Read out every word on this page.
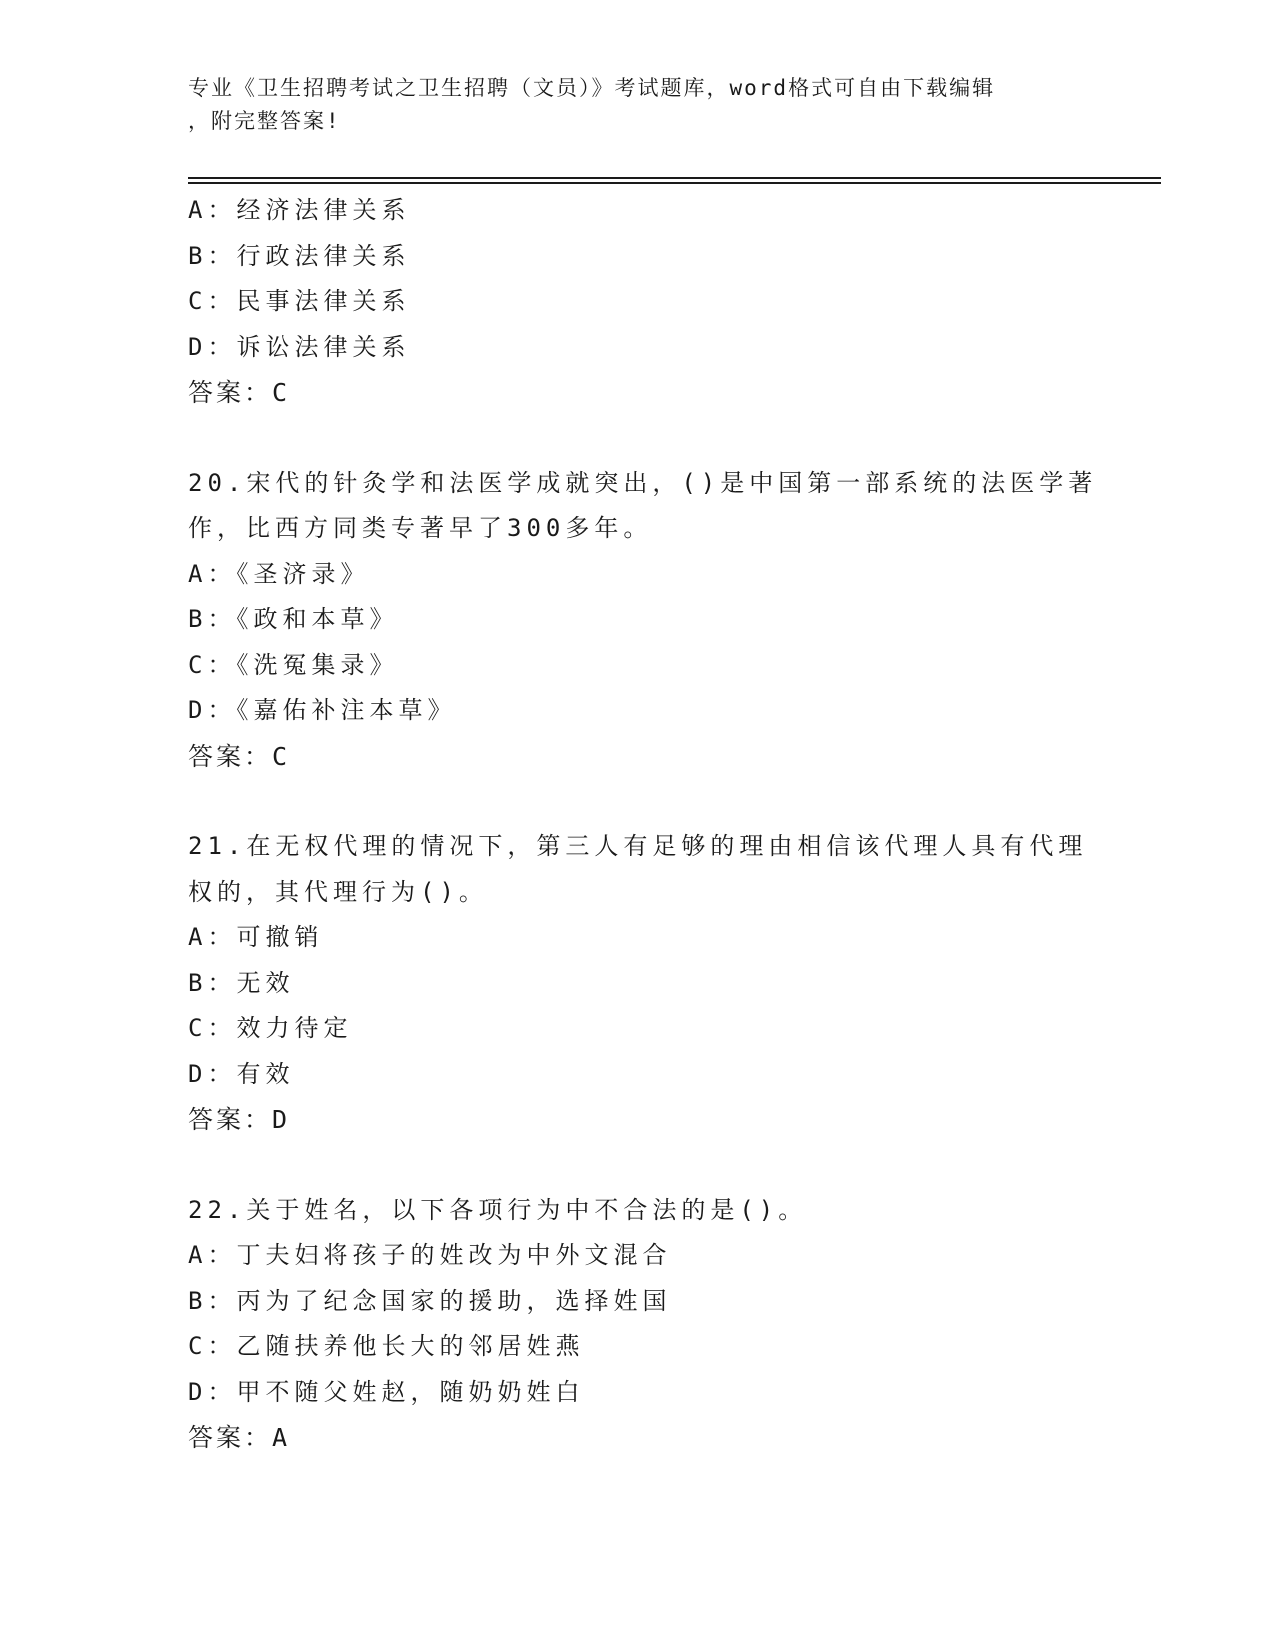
专业《卫生招聘考试之卫生招聘（文员）》考试题库，word格式可自由下载编辑
，附完整答案!
A：经济法律关系
B：行政法律关系
C：民事法律关系
D：诉讼法律关系
答案：C
20.宋代的针灸学和法医学成就突出，()是中国第一部系统的法医学著
作，比西方同类专著早了300多年。
A：《圣济录》
B：《政和本草》
C：《洗冤集录》
D：《嘉佑补注本草》
答案：C
21.在无权代理的情况下，第三人有足够的理由相信该代理人具有代理
权的，其代理行为()。
A：可撤销
B：无效
C：效力待定
D：有效
答案：D
22.关于姓名，以下各项行为中不合法的是()。
A：丁夫妇将孩子的姓改为中外文混合
B：丙为了纪念国家的援助，选择姓国
C：乙随扶养他长大的邻居姓燕
D：甲不随父姓赵，随奶奶姓白
答案：A
